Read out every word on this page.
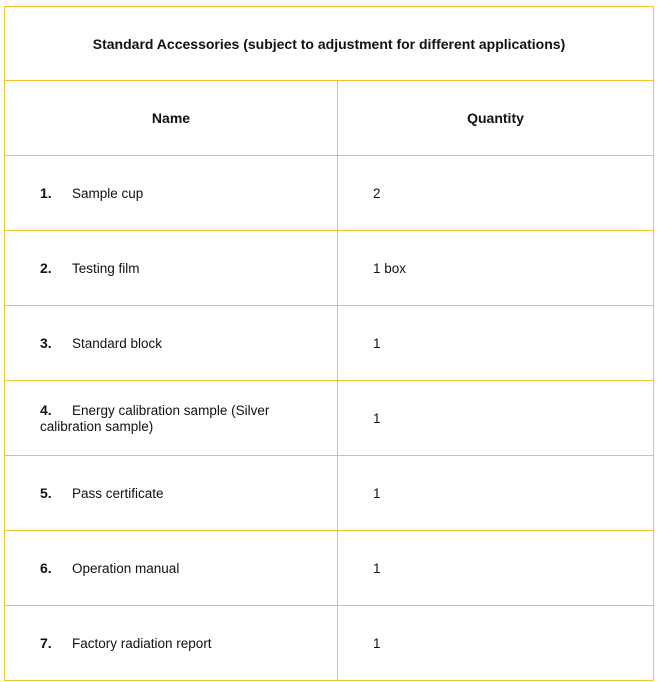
Standard Accessories (subject to adjustment for different applications)	
Name	Quantity
1. Sample cup	2
2. Testing film	1 box
3. Standard block	1
4. Energy calibration sample (Silver calibration sample)	1
5. Pass certificate	1
6. Operation manual	1
7. Factory radiation report	1
